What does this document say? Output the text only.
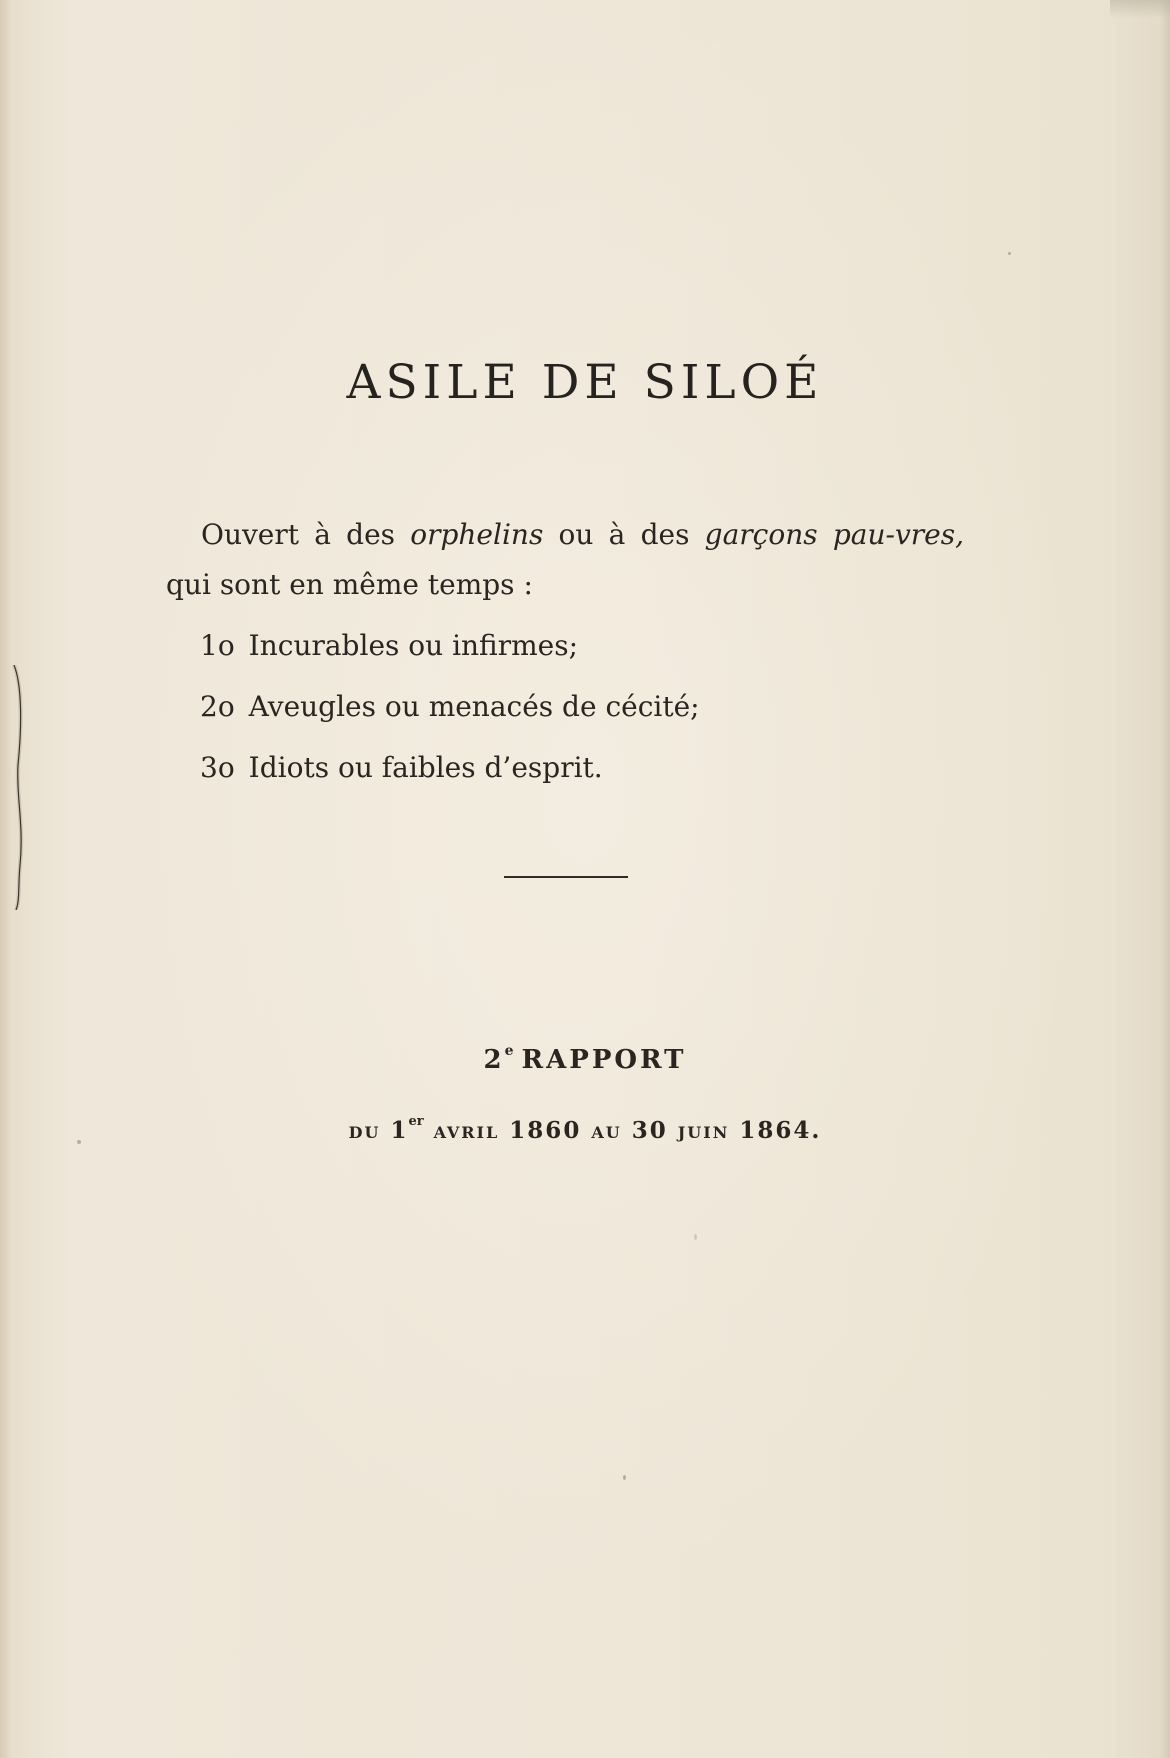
ASILE DE SILOÉ

Ouvert à des orphelins ou à des garçons pau-vres, qui sont en même temps :

1o Incurables ou infirmes;
2o Aveugles ou menacés de cécité;
3o Idiots ou faibles d’esprit.
2e RAPPORT
du 1er avril 1860 au 30 juin 1864.
